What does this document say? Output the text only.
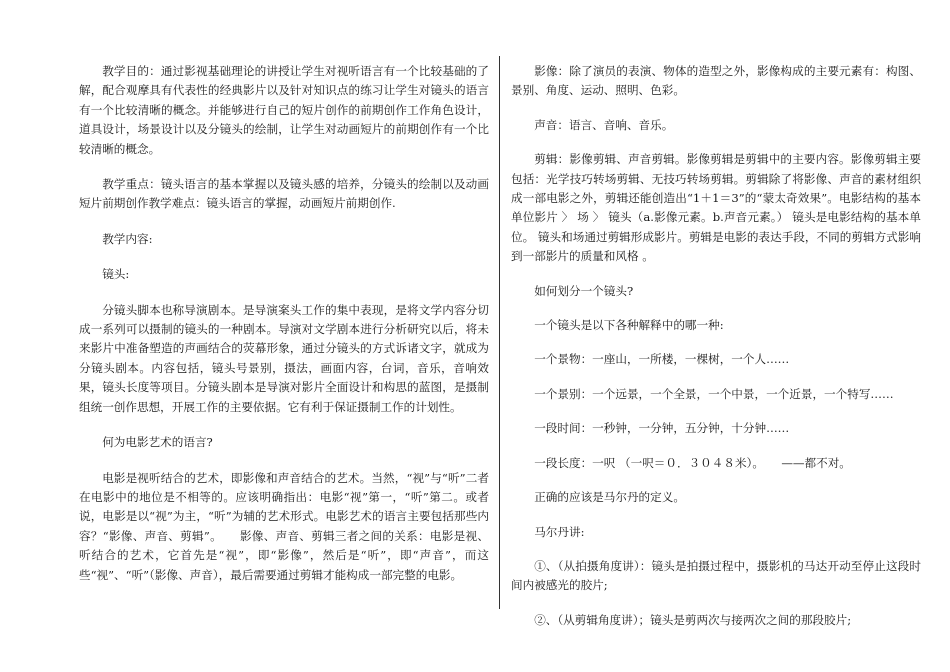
教学目的：通过影视基础理论的讲授让学生对视听语言有一个比较基础的了解，配合观摩具有代表性的经典影片以及针对知识点的练习让学生对镜头的语言有一个比较清晰的概念。并能够进行自己的短片创作的前期创作工作角色设计，道具设计，场景设计以及分镜头的绘制，让学生对动画短片的前期创作有一个比较清晰的概念。

教学重点：镜头语言的基本掌握以及镜头感的培养，分镜头的绘制以及动画短片前期创作教学难点：镜头语言的掌握，动画短片前期创作.

教学内容:

镜头:

分镜头脚本也称导演剧本。是导演案头工作的集中表现，是将文学内容分切成一系列可以摄制的镜头的一种剧本。导演对文学剧本进行分析研究以后，将未来影片中准备塑造的声画结合的荧幕形象，通过分镜头的方式诉诸文字，就成为分镜头剧本。内容包括，镜头号景别，摄法，画面内容，台词，音乐，音响效果，镜头长度等项目。分镜头剧本是导演对影片全面设计和构思的蓝图，是摄制组统一创作思想，开展工作的主要依据。它有利于保证摄制工作的计划性。

何为电影艺术的语言?

电影是视听结合的艺术，即影像和声音结合的艺术。当然，“视”与“听”二者在电影中的地位是不相等的。应该明确指出：电影“视”第一，“听”第二。或者说，电影是以“视”为主，“听”为辅的艺术形式。电影艺术的语言主要包括那些内容？“影像、声音、剪辑”。　　影像、声音、剪辑三者之间的关系：电影是视、听结合的艺术，它首先是“视”，即“影像”，然后是“听”，即“声音”，而这些“视”、“听”（影像、声音），最后需要通过剪辑才能构成一部完整的电影。

影像：除了演员的表演、物体的造型之外，影像构成的主要元素有：构图、景别、角度、运动、照明、色彩。

声音：语言、音响、音乐。

剪辑：影像剪辑、声音剪辑。影像剪辑是剪辑中的主要内容。影像剪辑主要包括：光学技巧转场剪辑、无技巧转场剪辑。剪辑除了将影像、声音的素材组织成一部电影之外，剪辑还能创造出“1＋1＝3”的“蒙太奇效果”。电影结构的基本单位影片 〉 场 〉 镜头（a.影像元素。b.声音元素。） 镜头是电影结构的基本单位。 镜头和场通过剪辑形成影片。剪辑是电影的表达手段，不同的剪辑方式影响到一部影片的质量和风格 。

如何划分一个镜头?

一个镜头是以下各种解释中的哪一种:

一个景物：一座山，一所楼，一棵树，一个人……

一个景别：一个远景，一个全景，一个中景，一个近景，一个特写……

一段时间：一秒钟，一分钟，五分钟，十分钟……

一段长度：一呎 （一呎＝０．３０４８米）。　　——都不对。

正确的应该是马尔丹的定义。

马尔丹讲:

①、（从拍摄角度讲）：镜头是拍摄过程中，摄影机的马达开动至停止这段时间内被感光的胶片;

②、（从剪辑角度讲）；镜头是剪两次与接两次之间的那段胶片;
